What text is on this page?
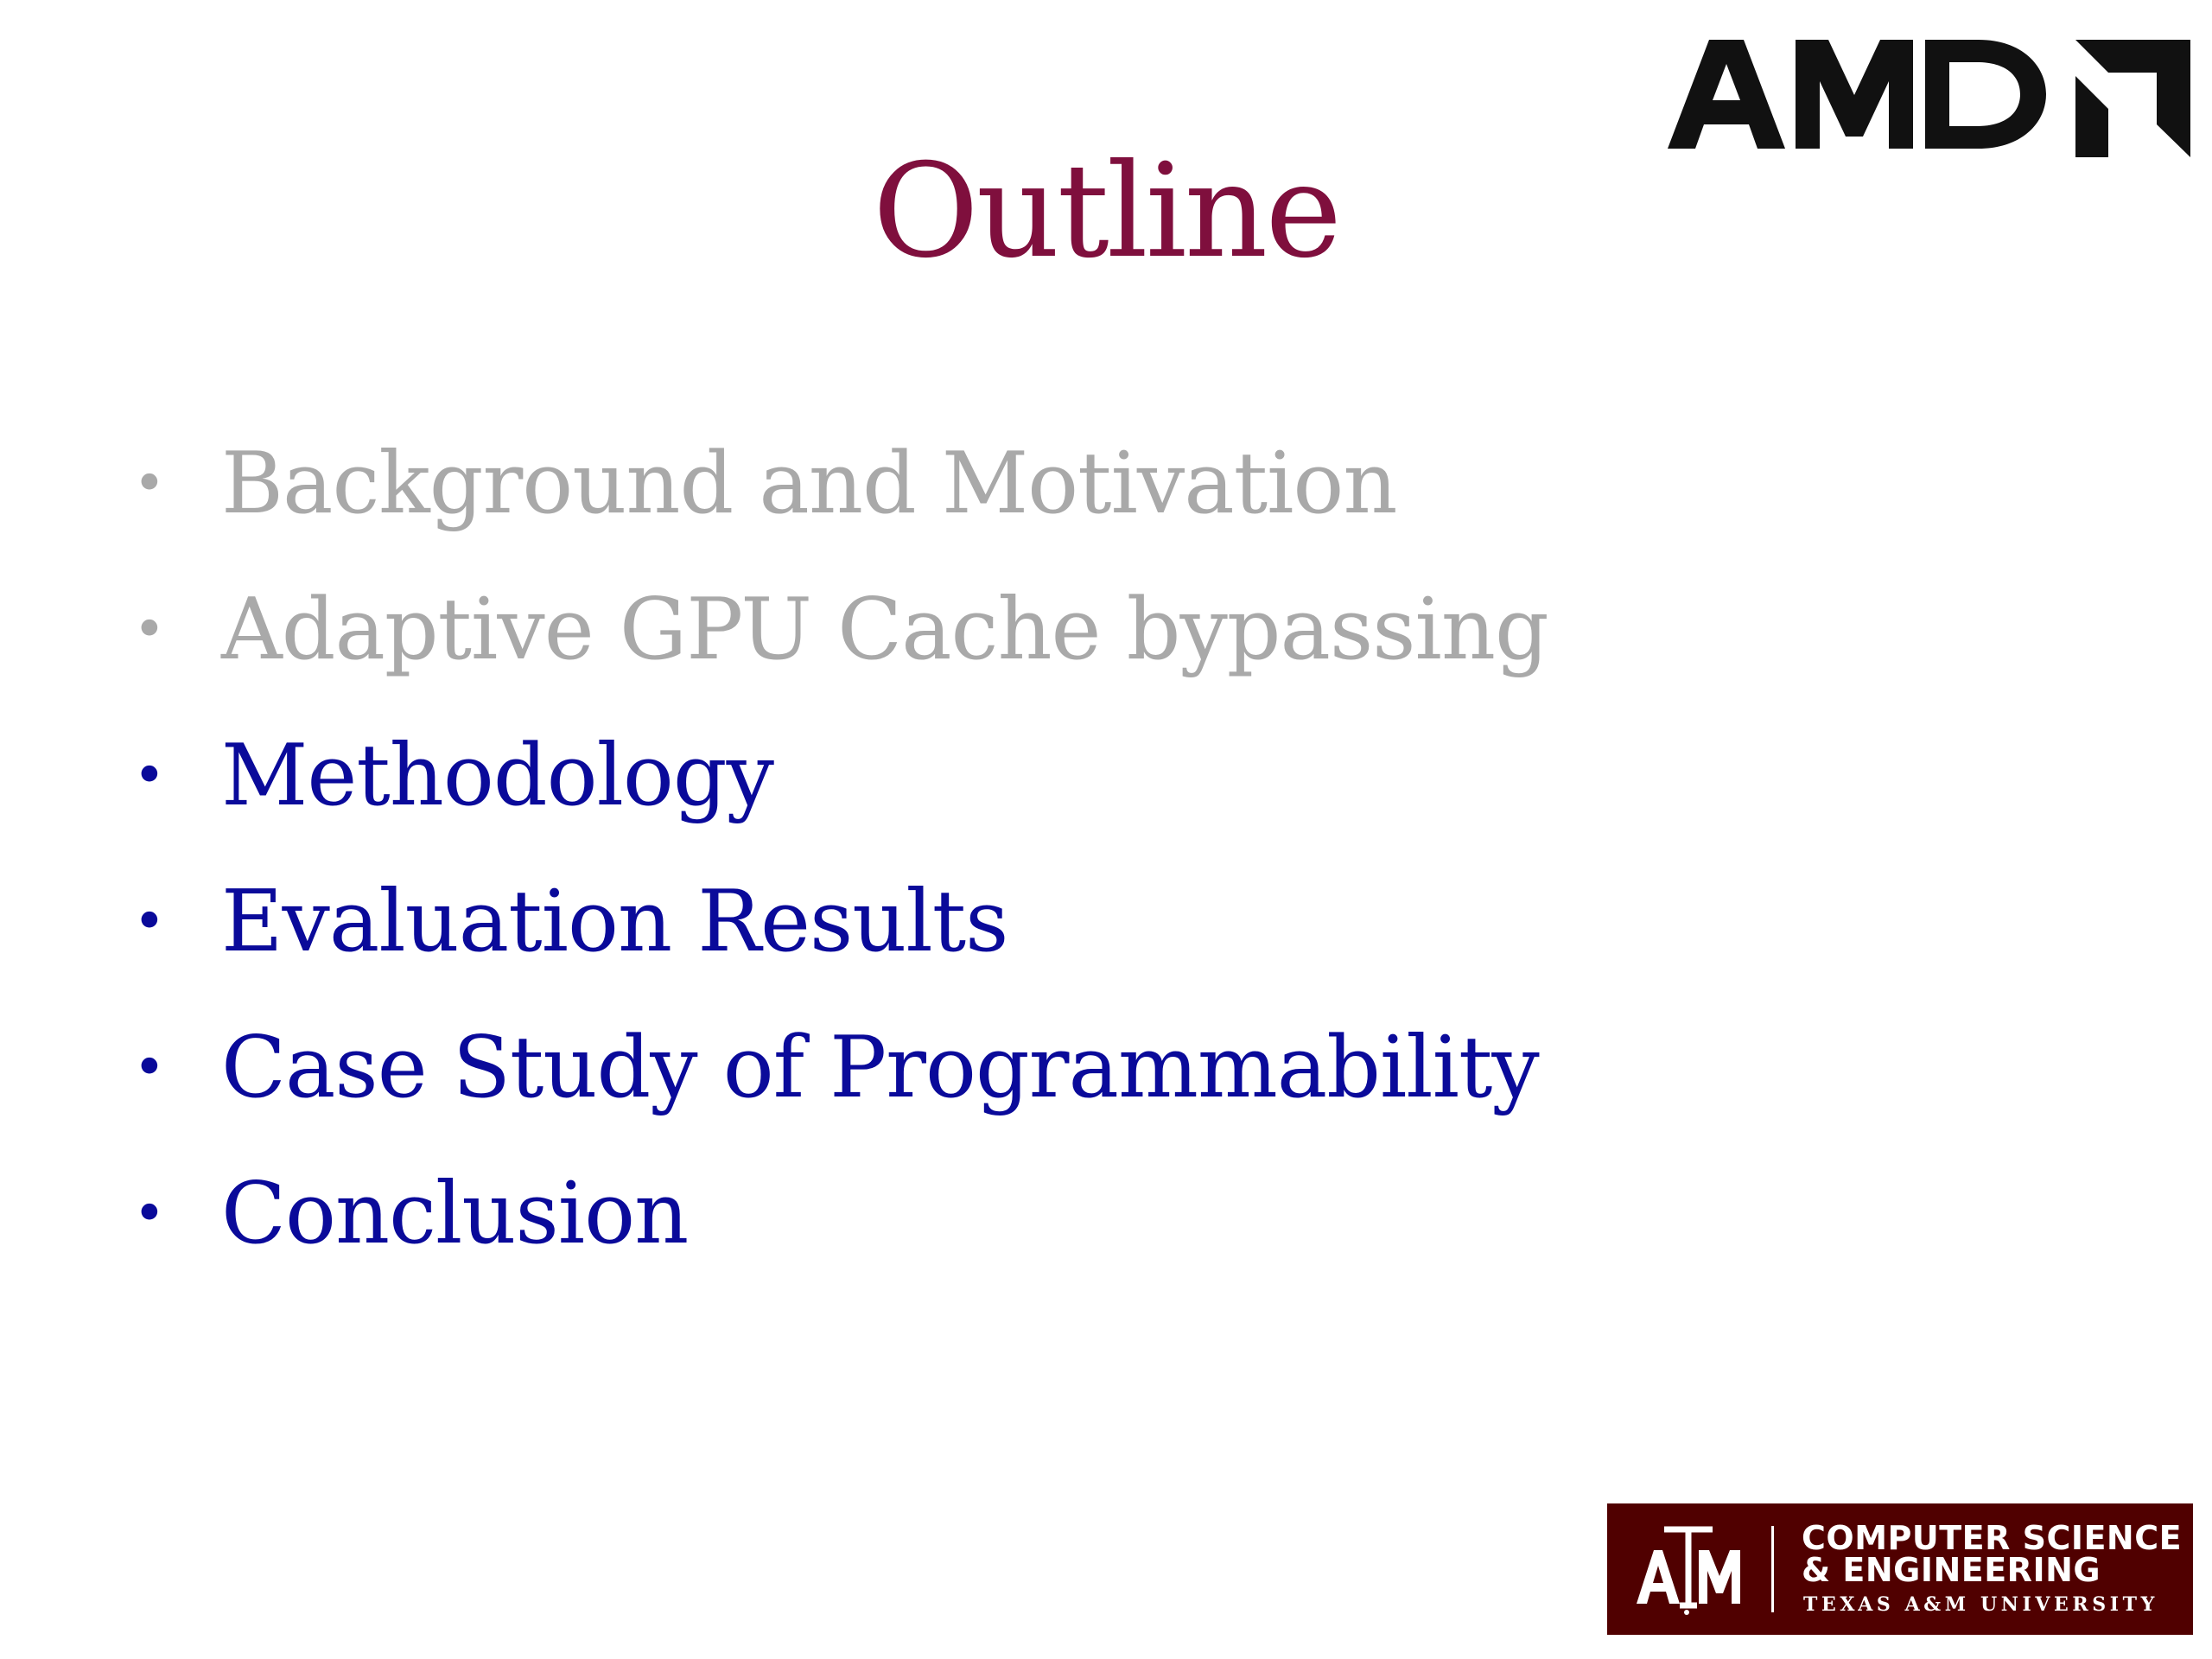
Outline
• Background and Motivation
• Adaptive GPU Cache bypassing
• Methodology
• Evaluation Results
• Case Study of Programmability
• Conclusion
COMPUTER SCIENCE
& ENGINEERING
TEXAS A&M UNIVERSITY
